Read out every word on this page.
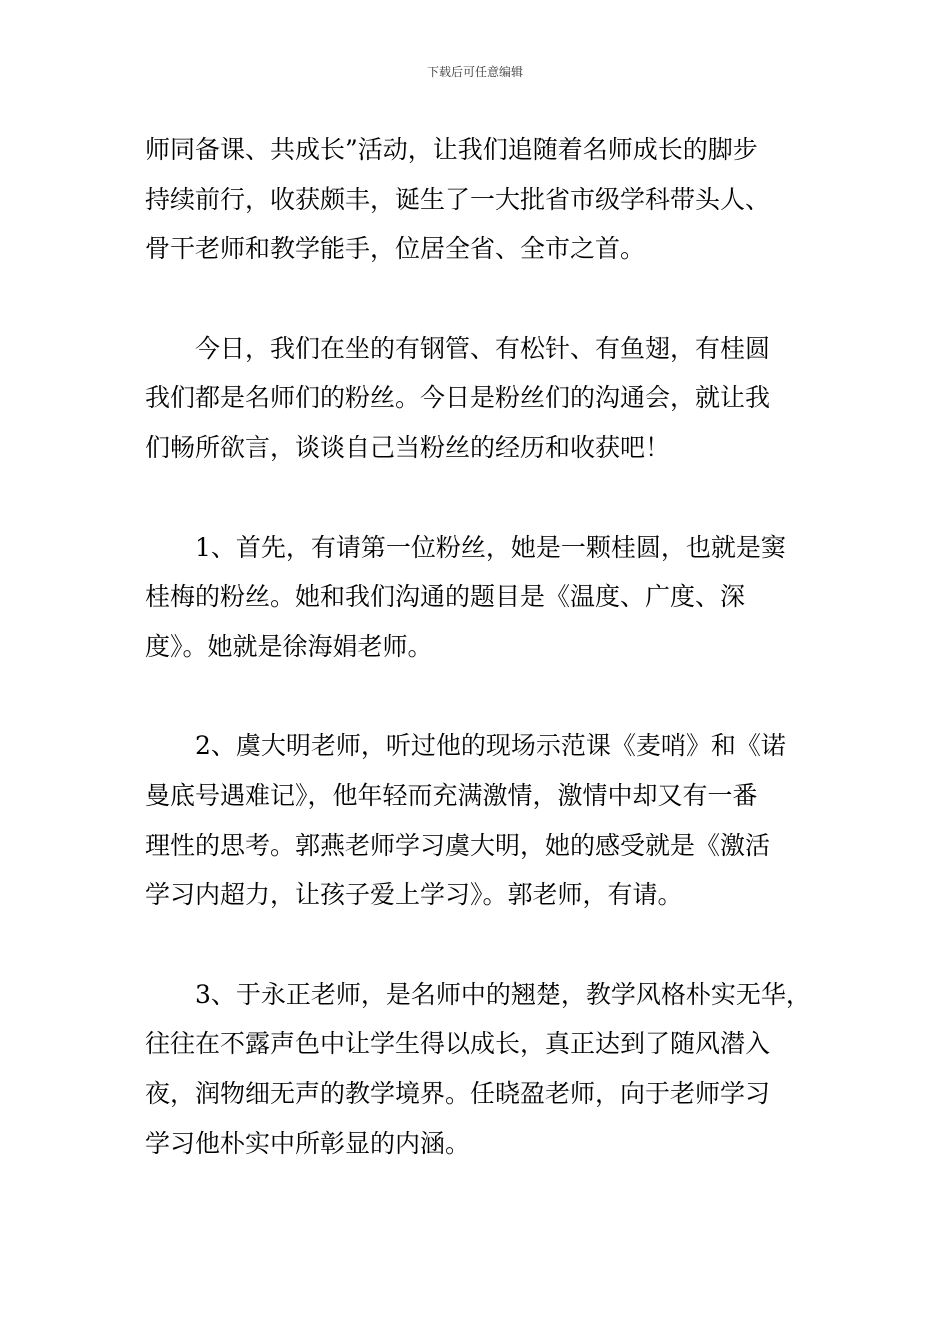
下载后可任意编辑
师同备课、共成长”活动，让我们追随着名师成长的脚步
持续前行，收获颇丰，诞生了一大批省市级学科带头人、
骨干老师和教学能手，位居全省、全市之首。
今日，我们在坐的有钢管、有松针、有鱼翅，有桂圆
我们都是名师们的粉丝。今日是粉丝们的沟通会，就让我
们畅所欲言，谈谈自己当粉丝的经历和收获吧！
1、首先，有请第一位粉丝，她是一颗桂圆，也就是窦
桂梅的粉丝。她和我们沟通的题目是《温度、广度、深
度》。她就是徐海娟老师。
2、虞大明老师，听过他的现场示范课《麦哨》和《诺
曼底号遇难记》，他年轻而充满激情，激情中却又有一番
理性的思考。郭燕老师学习虞大明，她的感受就是《激活
学习内超力，让孩子爱上学习》。郭老师，有请。
3、于永正老师，是名师中的翘楚，教学风格朴实无华，
往往在不露声色中让学生得以成长，真正达到了随风潜入
夜，润物细无声的教学境界。任晓盈老师，向于老师学习
学习他朴实中所彰显的内涵。
